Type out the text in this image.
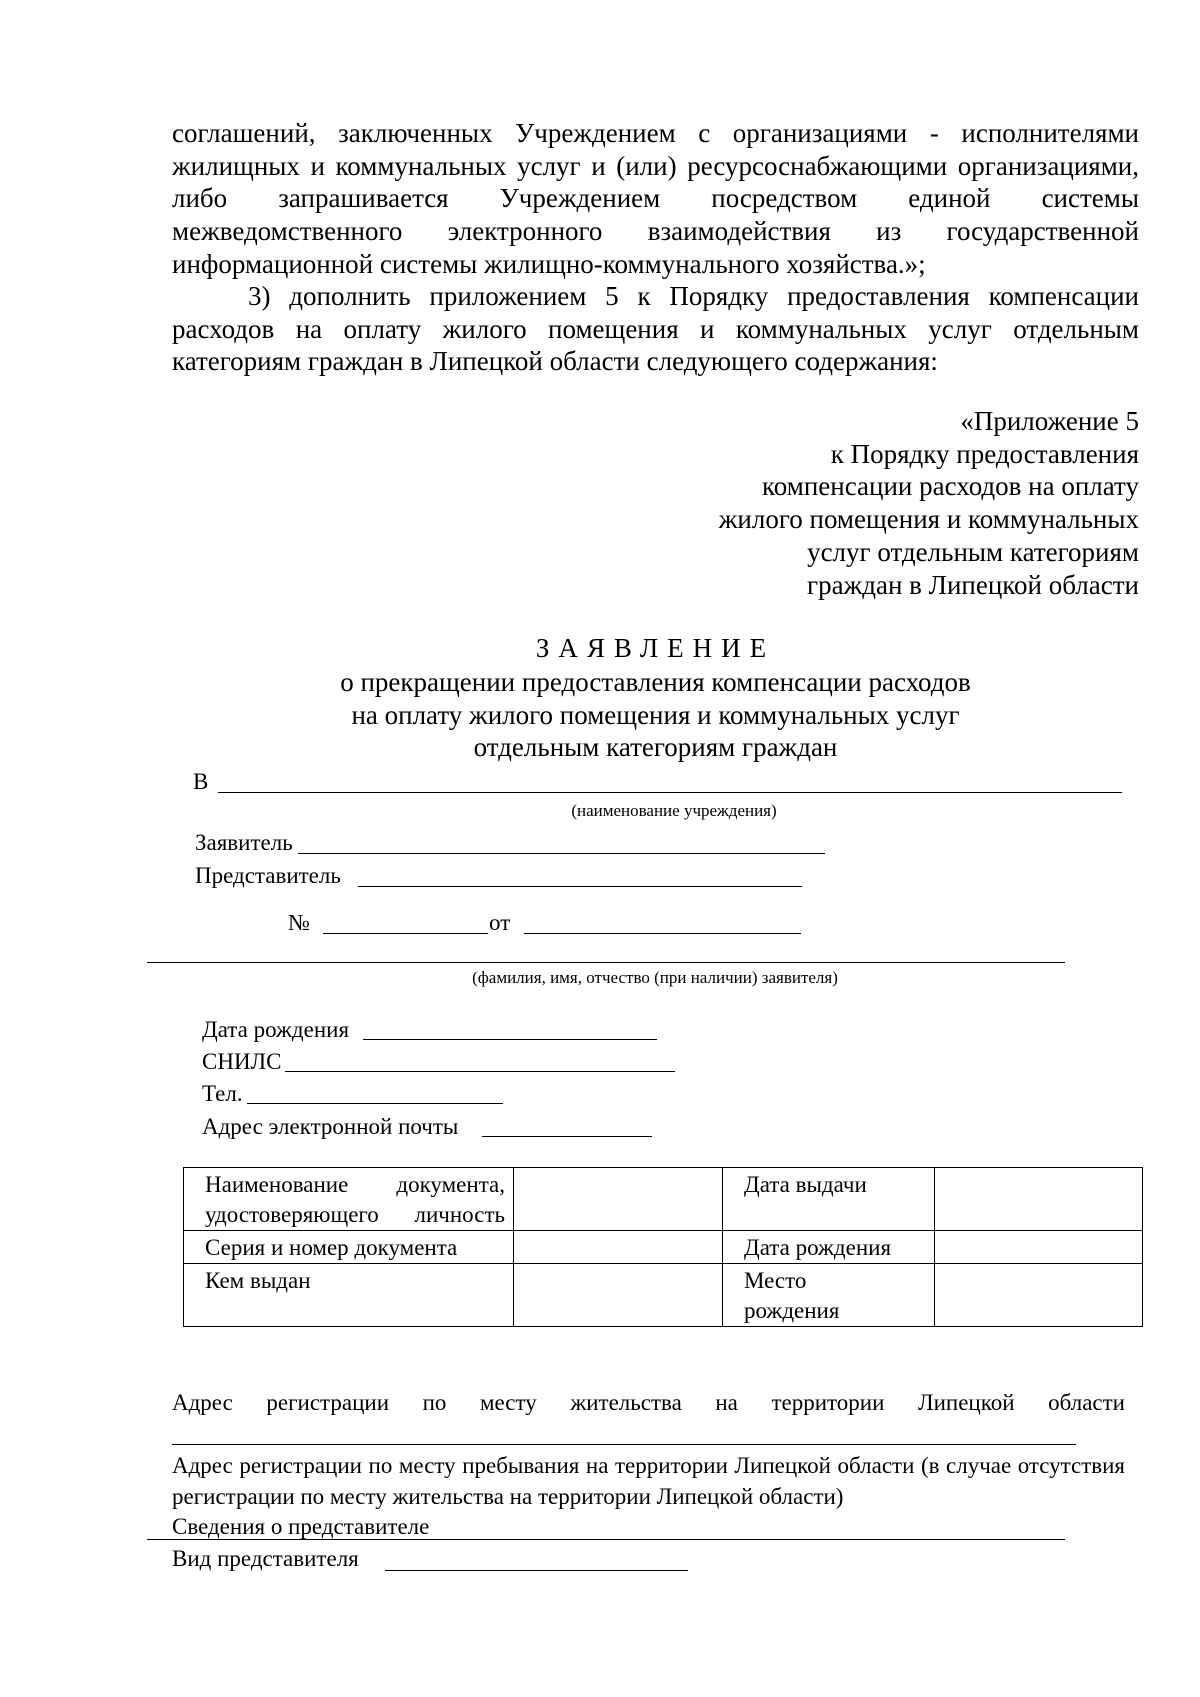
соглашений, заключенных Учреждением с организациями - исполнителями жилищных и коммунальных услуг и (или) ресурсоснабжающими организациями, либо запрашивается Учреждением посредством единой системы межведомственного электронного взаимодействия из государственной информационной системы жилищно-коммунального хозяйства.»;

3) дополнить приложением 5 к Порядку предоставления компенсации расходов на оплату жилого помещения и коммунальных услуг отдельным категориям граждан в Липецкой области следующего содержания:

«Приложение 5
к Порядку предоставления
компенсации расходов на оплату
жилого помещения и коммунальных
услуг отдельным категориям
граждан в Липецкой области
ЗАЯВЛЕНИЕ
о прекращении предоставления компенсации расходов
на оплату жилого помещения и коммунальных услуг
отдельным категориям граждан
В
(наименование учреждения)
Заявитель
Представитель
№	от
(фамилия, имя, отчество (при наличии) заявителя)
Дата рождения
СНИЛС
Тел.
Адрес электронной почты
Наименование документа, удостоверяющего личность		Дата выдачи	
Серия и номер документа		Дата рождения	
Кем выдан		Место рождения	

Адрес регистрации по месту жительства на территории Липецкой области
Адрес регистрации по месту пребывания на территории Липецкой области (в случае отсутствия регистрации по месту жительства на территории Липецкой области)
Сведения о представителе
Вид представителя
